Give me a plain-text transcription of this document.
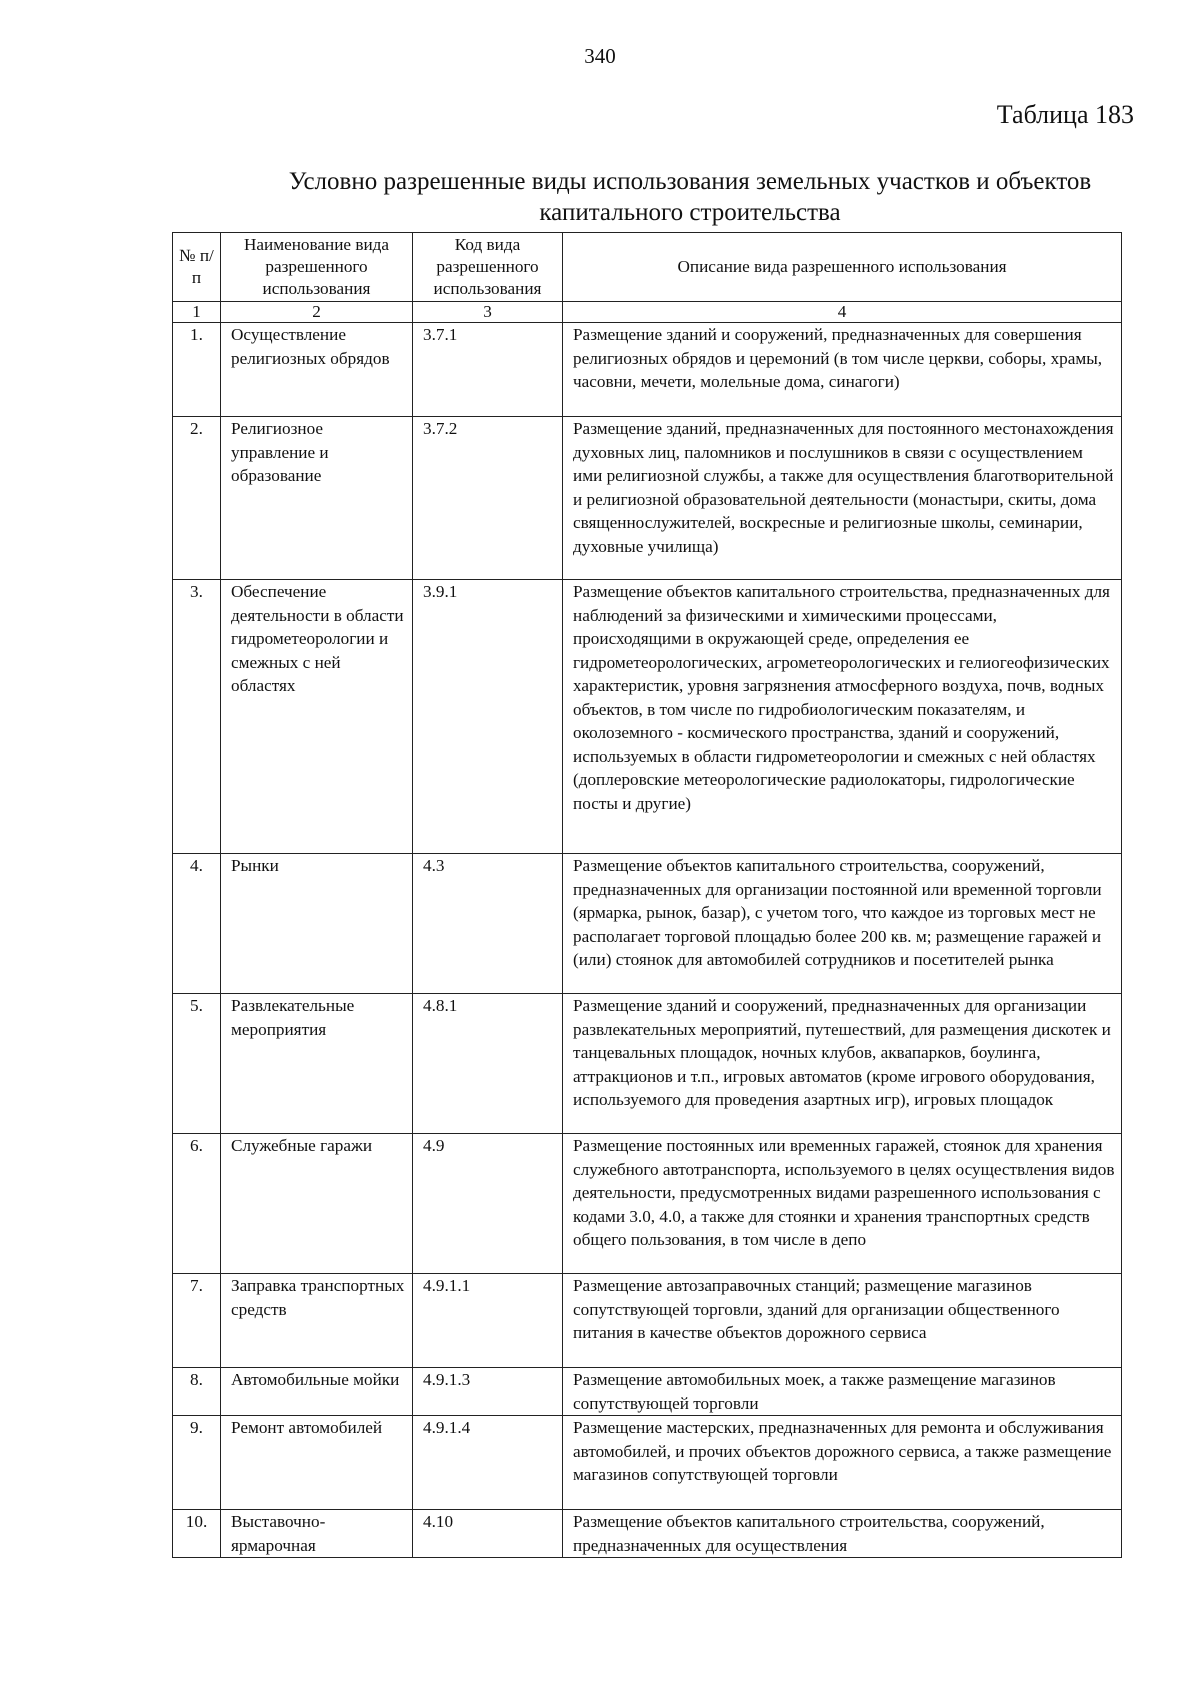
340
Таблица 183
Условно разрешенные виды использования земельных участков и объектов капитального строительства
№ п/п	Наименование вида разрешенного использования	Код вида разрешенного использования	Описание вида разрешенного использования
1	2	3	4
1.	Осуществление религиозных обрядов	3.7.1	Размещение зданий и сооружений, предназначенных для совершения религиозных обрядов и церемоний (в том числе церкви, соборы, храмы, часовни, мечети, молельные дома, синагоги)
2.	Религиозное управление и образование	3.7.2	Размещение зданий, предназначенных для постоянного местонахождения духовных лиц, паломников и послушников в связи с осуществлением ими религиозной службы, а также для осуществления благотворительной и религиозной образовательной деятельности (монастыри, скиты, дома священнослужителей, воскресные и религиозные школы, семинарии, духовные училища)
3.	Обеспечение деятельности в области гидрометеорологии и смежных с ней областях	3.9.1	Размещение объектов капитального строительства, предназначенных для наблюдений за физическими и химическими процессами, происходящими в окружающей среде, определения ее гидрометеорологических, агрометеорологических и гелиогеофизических характеристик, уровня загрязнения атмосферного воздуха, почв, водных объектов, в том числе по гидробиологическим показателям, и околоземного - космического пространства, зданий и сооружений, используемых в области гидрометеорологии и смежных с ней областях (доплеровские метеорологические радиолокаторы, гидрологические посты и другие)
4.	Рынки	4.3	Размещение объектов капитального строительства, сооружений, предназначенных для организации постоянной или временной торговли (ярмарка, рынок, базар), с учетом того, что каждое из торговых мест не располагает торговой площадью более 200 кв. м; размещение гаражей и (или) стоянок для автомобилей сотрудников и посетителей рынка
5.	Развлекательные мероприятия	4.8.1	Размещение зданий и сооружений, предназначенных для организации развлекательных мероприятий, путешествий, для размещения дискотек и танцевальных площадок, ночных клубов, аквапарков, боулинга, аттракционов и т.п., игровых автоматов (кроме игрового оборудования, используемого для проведения азартных игр), игровых площадок
6.	Служебные гаражи	4.9	Размещение постоянных или временных гаражей, стоянок для хранения служебного автотранспорта, используемого в целях осуществления видов деятельности, предусмотренных видами разрешенного использования с кодами 3.0, 4.0, а также для стоянки и хранения транспортных средств общего пользования, в том числе в депо
7.	Заправка транспортных средств	4.9.1.1	Размещение автозаправочных станций; размещение магазинов сопутствующей торговли, зданий для организации общественного питания в качестве объектов дорожного сервиса
8.	Автомобильные мойки	4.9.1.3	Размещение автомобильных моек, а также размещение магазинов сопутствующей торговли
9.	Ремонт автомобилей	4.9.1.4	Размещение мастерских, предназначенных для ремонта и обслуживания автомобилей, и прочих объектов дорожного сервиса, а также размещение магазинов сопутствующей торговли
10.	Выставочно-ярмарочная	4.10	Размещение объектов капитального строительства, сооружений, предназначенных для осуществления
